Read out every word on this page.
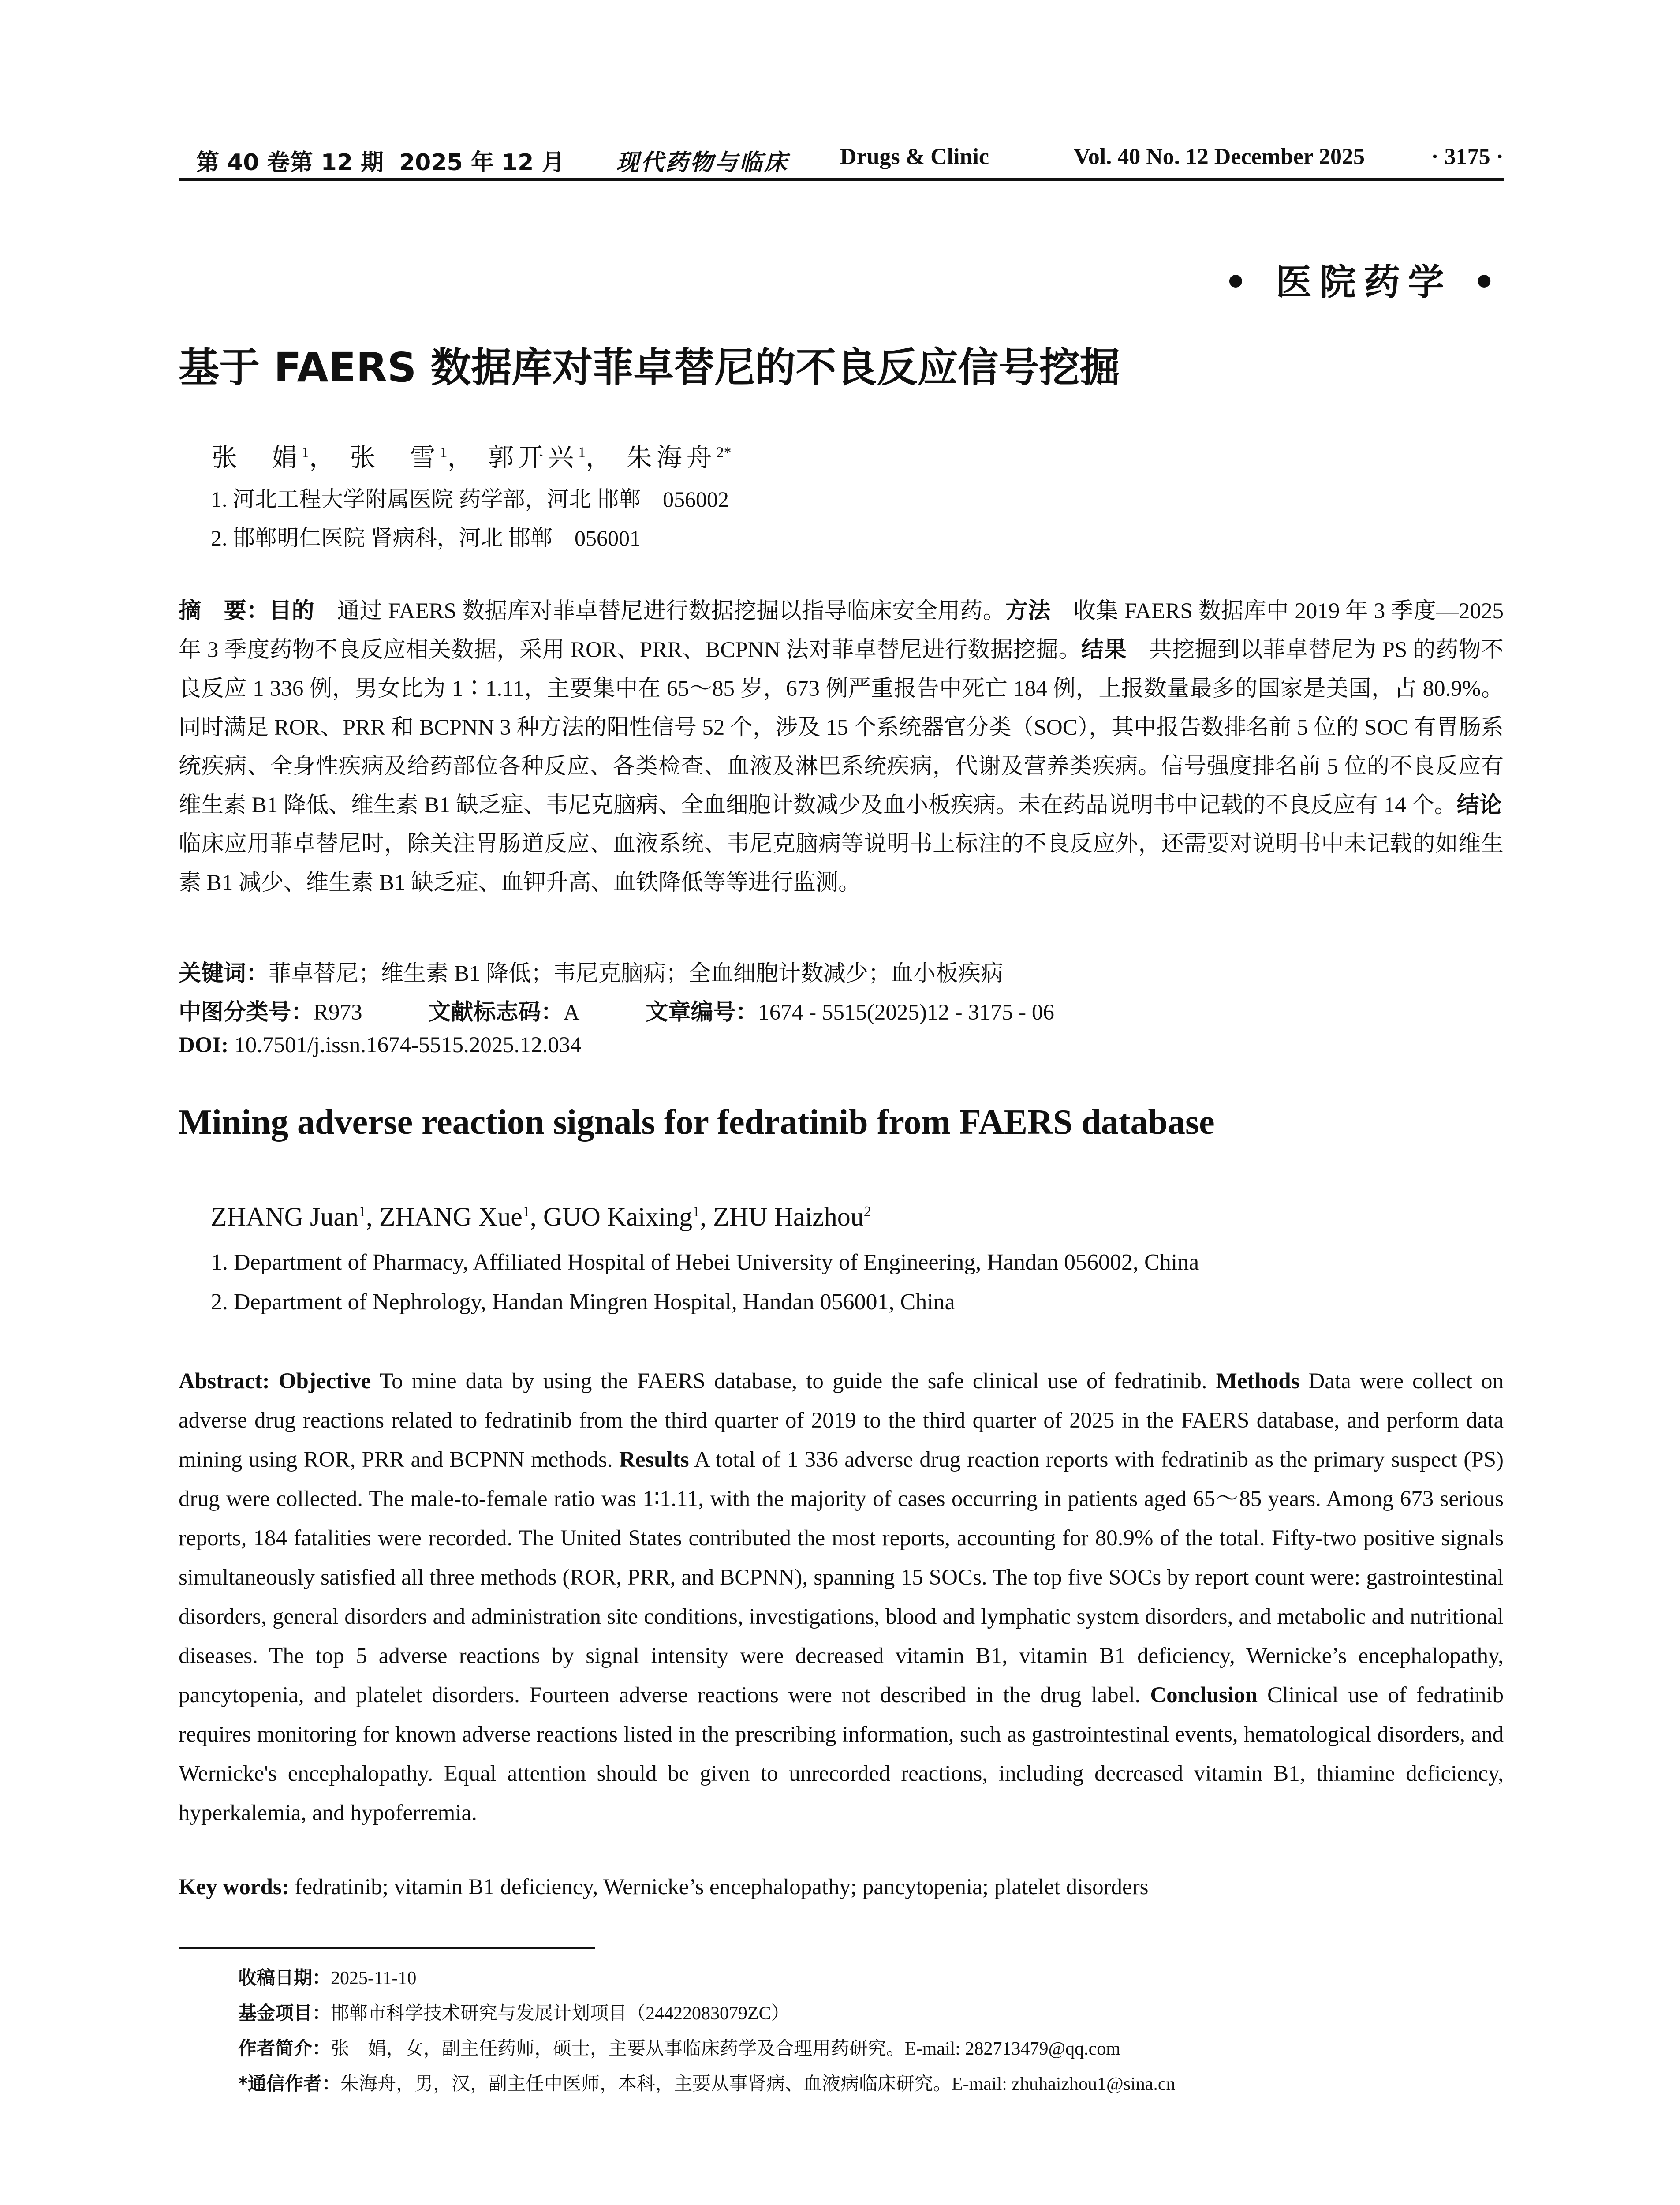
第 40 卷第 12 期 2025 年 12 月 现代药物与临床 Drugs & Clinic	Vol. 40 No. 12 December 2025	· 3175 ·
• 医院药学 •
基于 FAERS 数据库对菲卓替尼的不良反应信号挖掘
张　娟$^1$， 张　雪$^1$， 郭开兴$^1$， 朱海舟$^{2*}$
1. 河北工程大学附属医院 药学部，河北 邯郸　056002
2. 邯郸明仁医院 肾病科，河北 邯郸　056001
摘　要：目的　通过 FAERS 数据库对菲卓替尼进行数据挖掘以指导临床安全用药。方法　收集 FAERS 数据库中 2019 年 3 季度—2025 年 3 季度药物不良反应相关数据，采用 ROR、PRR、BCPNN 法对菲卓替尼进行数据挖掘。结果　共挖掘到以菲卓替尼为 PS 的药物不良反应 1 336 例，男女比为 1∶1.11，主要集中在 65～85 岁，673 例严重报告中死亡 184 例，上报数量最多的国家是美国，占 80.9%。同时满足 ROR、PRR 和 BCPNN 3 种方法的阳性信号 52 个，涉及 15 个系统器官分类（SOC），其中报告数排名前 5 位的 SOC 有胃肠系统疾病、全身性疾病及给药部位各种反应、各类检查、血液及淋巴系统疾病，代谢及营养类疾病。信号强度排名前 5 位的不良反应有维生素 B1 降低、维生素 B1 缺乏症、韦尼克脑病、全血细胞计数减少及血小板疾病。未在药品说明书中记载的不良反应有 14 个。结论　临床应用菲卓替尼时，除关注胃肠道反应、血液系统、韦尼克脑病等说明书上标注的不良反应外，还需要对说明书中未记载的如维生素 B1 减少、维生素 B1 缺乏症、血钾升高、血铁降低等等进行监测。
关键词：菲卓替尼；维生素 B1 降低；韦尼克脑病；全血细胞计数减少；血小板疾病
中图分类号：R973	文献标志码：A	文章编号：1674 - 5515(2025)12 - 3175 - 06
DOI: 10.7501/j.issn.1674-5515.2025.12.034
Mining adverse reaction signals for fedratinib from FAERS database
ZHANG Juan$^1$, ZHANG Xue$^1$, GUO Kaixing$^1$, ZHU Haizhou$^2$
1. Department of Pharmacy, Affiliated Hospital of Hebei University of Engineering, Handan 056002, China
2. Department of Nephrology, Handan Mingren Hospital, Handan 056001, China
Abstract: Objective To mine data by using the FAERS database, to guide the safe clinical use of fedratinib. Methods Data were collect on adverse drug reactions related to fedratinib from the third quarter of 2019 to the third quarter of 2025 in the FAERS database, and perform data mining using ROR, PRR and BCPNN methods. Results A total of 1 336 adverse drug reaction reports with fedratinib as the primary suspect (PS) drug were collected. The male-to-female ratio was 1∶1.11, with the majority of cases occurring in patients aged 65～85 years. Among 673 serious reports, 184 fatalities were recorded. The United States contributed the most reports, accounting for 80.9% of the total. Fifty-two positive signals simultaneously satisfied all three methods (ROR, PRR, and BCPNN), spanning 15 SOCs. The top five SOCs by report count were: gastrointestinal disorders, general disorders and administration site conditions, investigations, blood and lymphatic system disorders, and metabolic and nutritional diseases. The top 5 adverse reactions by signal intensity were decreased vitamin B1, vitamin B1 deficiency, Wernicke’s encephalopathy, pancytopenia, and platelet disorders. Fourteen adverse reactions were not described in the drug label. Conclusion Clinical use of fedratinib requires monitoring for known adverse reactions listed in the prescribing information, such as gastrointestinal events, hematological disorders, and Wernicke's encephalopathy. Equal attention should be given to unrecorded reactions, including decreased vitamin B1, thiamine deficiency, hyperkalemia, and hypoferremia.
Key words: fedratinib; vitamin B1 deficiency, Wernicke’s encephalopathy; pancytopenia; platelet disorders
收稿日期：2025-11-10
基金项目：邯郸市科学技术研究与发展计划项目（24422083079ZC）
作者简介：张　娟，女，副主任药师，硕士，主要从事临床药学及合理用药研究。E-mail: 282713479@qq.com
*通信作者：朱海舟，男，汉，副主任中医师，本科，主要从事肾病、血液病临床研究。E-mail: zhuhaizhou1@sina.cn
